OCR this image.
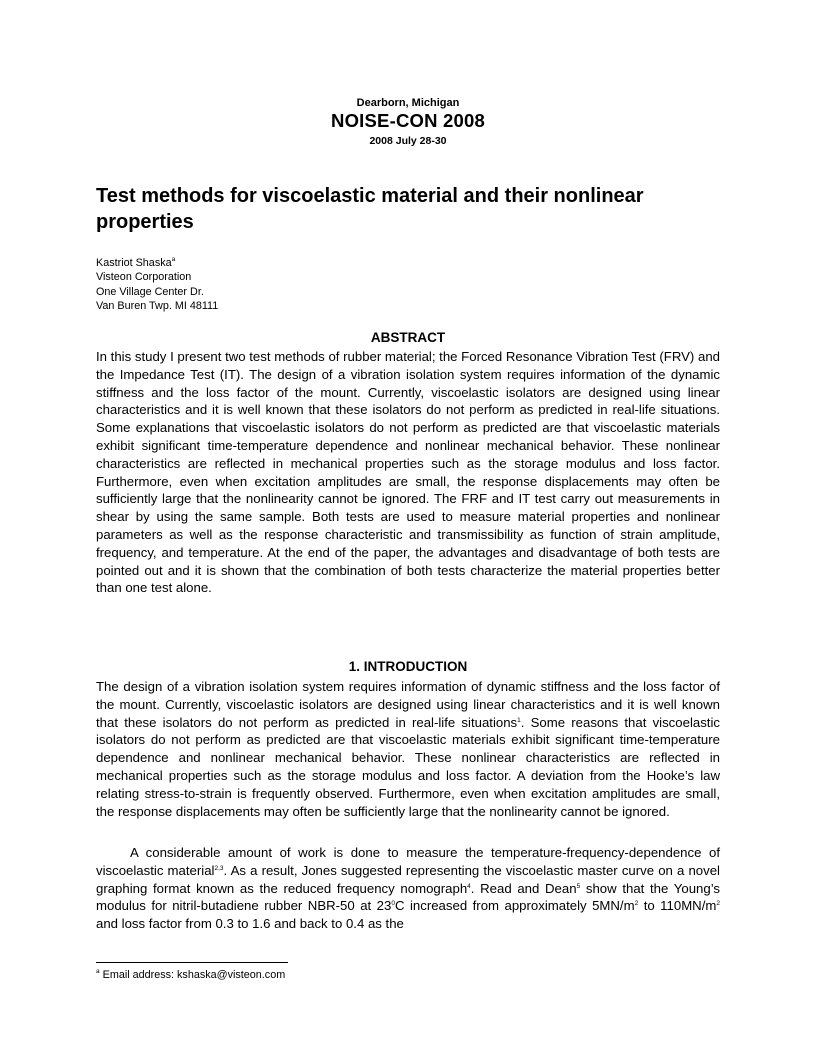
Dearborn, Michigan
NOISE-CON 2008
2008 July 28-30
Test methods for viscoelastic material and their nonlinear properties
Kastriot Shaska$^a$
Visteon Corporation
One Village Center Dr.
Van Buren Twp. MI 48111
ABSTRACT
In this study I present two test methods of rubber material; the Forced Resonance Vibration Test (FRV) and the Impedance Test (IT). The design of a vibration isolation system requires information of the dynamic stiffness and the loss factor of the mount. Currently, viscoelastic isolators are designed using linear characteristics and it is well known that these isolators do not perform as predicted in real-life situations. Some explanations that viscoelastic isolators do not perform as predicted are that viscoelastic materials exhibit significant time-temperature dependence and nonlinear mechanical behavior. These nonlinear characteristics are reflected in mechanical properties such as the storage modulus and loss factor. Furthermore, even when excitation amplitudes are small, the response displacements may often be sufficiently large that the nonlinearity cannot be ignored. The FRF and IT test carry out measurements in shear by using the same sample. Both tests are used to measure material properties and nonlinear parameters as well as the response characteristic and transmissibility as function of strain amplitude, frequency, and temperature. At the end of the paper, the advantages and disadvantage of both tests are pointed out and it is shown that the combination of both tests characterize the material properties better than one test alone.
1. INTRODUCTION
The design of a vibration isolation system requires information of dynamic stiffness and the loss factor of the mount. Currently, viscoelastic isolators are designed using linear characteristics and it is well known that these isolators do not perform as predicted in real-life situations$^1$. Some reasons that viscoelastic isolators do not perform as predicted are that viscoelastic materials exhibit significant time-temperature dependence and nonlinear mechanical behavior. These nonlinear characteristics are reflected in mechanical properties such as the storage modulus and loss factor. A deviation from the Hooke’s law relating stress-to-strain is frequently observed. Furthermore, even when excitation amplitudes are small, the response displacements may often be sufficiently large that the nonlinearity cannot be ignored.
A considerable amount of work is done to measure the temperature-frequency-dependence of viscoelastic material$^{2,3}$. As a result, Jones suggested representing the viscoelastic master curve on a novel graphing format known as the reduced frequency nomograph$^4$. Read and Dean$^5$ show that the Young’s modulus for nitril-butadiene rubber NBR-50 at $23^0C$ increased from approximately $5MN/m^2$ to $110MN/m^2$ and loss factor from 0.3 to 1.6 and back to 0.4 as the
$^a$ Email address: kshaska@visteon.com
